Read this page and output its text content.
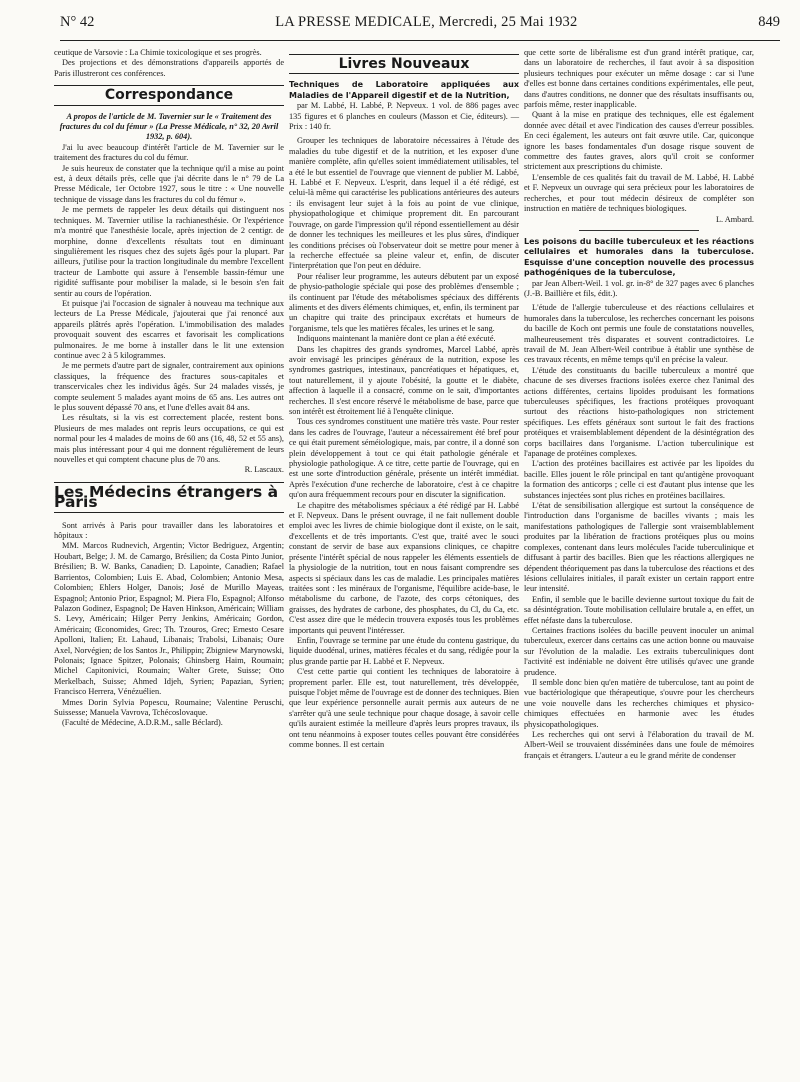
N° 42	LA PRESSE MEDICALE, Mercredi, 25 Mai 1932	849

ceutique de Varsovie : La Chimie toxicologique et ses progrès.

Des projections et des démonstrations d'appareils apportés de Paris illustreront ces conférences.

Correspondance

A propos de l'article de M. Tavernier sur le « Traitement des fractures du col du fémur » (La Presse Médicale, n° 32, 20 Avril 1932, p. 604).

J'ai lu avec beaucoup d'intérêt l'article de M. Tavernier sur le traitement des fractures du col du fémur.

Je suis heureux de constater que la technique qu'il a mise au point est, à deux détails près, celle que j'ai décrite dans le n° 79 de La Presse Médicale, 1er Octobre 1927, sous le titre : « Une nouvelle technique de vissage dans les fractures du col du fémur ».

Je me permets de rappeler les deux détails qui distinguent nos techniques. M. Tavernier utilise la rachianesthésie. Or l'expérience m'a montré que l'anesthésie locale, après injection de 2 centigr. de morphine, donne d'excellents résultats tout en diminuant singulièrement les risques chez des sujets âgés pour la plupart. Par ailleurs, j'utilise pour la traction longitudinale du membre l'excellent tracteur de Lambotte qui assure à l'ensemble bassin-fémur une rigidité suffisante pour mobiliser la malade, si le besoin s'en fait sentir au cours de l'opération.

Et puisque j'ai l'occasion de signaler à nouveau ma technique aux lecteurs de La Presse Médicale, j'ajouterai que j'ai renoncé aux appareils plâtrés après l'opération. L'immobilisation des malades provoquait souvent des escarres et favorisait les complications pulmonaires. Je me borne à installer dans le lit une extension continue avec 2 à 5 kilogrammes.

Je me permets d'autre part de signaler, contrairement aux opinions classiques, la fréquence des fractures sous-capitales et transcervicales chez les individus âgés. Sur 24 malades vissés, je compte seulement 5 malades ayant moins de 65 ans. Les autres ont le plus souvent dépassé 70 ans, et l'une d'elles avait 84 ans.

Les résultats, si la vis est correctement placée, restent bons. Plusieurs de mes malades ont repris leurs occupations, ce qui est normal pour les 4 malades de moins de 60 ans (16, 48, 52 et 55 ans), mais plus intéressant pour 4 qui me donnent régulièrement de leurs nouvelles et qui comptent chacune plus de 70 ans.

R. Lascaux.

Les Médecins étrangers à Paris

Sont arrivés à Paris pour travailler dans les laboratoires et hôpitaux :

MM. Marcos Rudnevich, Argentin; Victor Bedriguez, Argentin; Houbart, Belge; J. M. de Camargo, Brésilien; da Costa Pinto Junior, Brésilien; B. W. Banks, Canadien; D. Lapointe, Canadien; Rafael Barrientos, Colombien; Luis E. Abad, Colombien; Antonio Mesa, Colombien; Ehlers Holger, Danois; José de Murillo Mayeas, Espagnol; Antonio Prior, Espagnol; M. Piera Flo, Espagnol; Alfonso Palazon Godinez, Espagnol; De Haven Hinkson, Américain; William S. Levy, Américain; Hilger Perry Jenkins, Américain; Gordon, Américain; Œconomides, Grec; Th. Tzouros, Grec; Ernesto Cesare Apolloni, Italien; Et. Lahaud, Libanais; Trabolsi, Libanais; Oure Axel, Norvégien; de los Santos Jr., Philippin; Zbigniew Marynowski, Polonais; Ignace Spitzer, Polonais; Ghinsberg Haim, Roumain; Michel Capitonivici, Roumain; Walter Grete, Suisse; Otto Merkelbach, Suisse; Ahmed Idjeh, Syrien; Papazian, Syrien; Francisco Herrera, Vénézuélien.

Mmes Dorin Sylvia Popescu, Roumaine; Valentine Peruschi, Suissesse; Manuela Vavrova, Tchécoslovaque.

(Faculté de Médecine, A.D.R.M., salle Béclard).

Livres Nouveaux

Techniques de Laboratoire appliquées aux Maladies de l'Appareil digestif et de la Nutrition,

par M. Labbé, H. Labbé, P. Nepveux. 1 vol. de 886 pages avec 135 figures et 6 planches en couleurs (Masson et Cie, éditeurs). — Prix : 140 fr.

Grouper les techniques de laboratoire nécessaires à l'étude des maladies du tube digestif et de la nutrition, et les exposer d'une manière complète, afin qu'elles soient immédiatement utilisables, tel a été le but essentiel de l'ouvrage que viennent de publier M. Labbé, H. Labbé et F. Nepveux. L'esprit, dans lequel il a été rédigé, est celui-là même qui caractérise les publications antérieures des auteurs : ils envisagent leur sujet à la fois au point de vue clinique, physiopathologique et chimique proprement dit. En parcourant l'ouvrage, on garde l'impression qu'il répond essentiellement au désir de donner les techniques les meilleures et les plus sûres, d'indiquer les conditions précises où l'observateur doit se mettre pour mener à la recherche effectuée sa pleine valeur et, enfin, de discuter l'interprétation que l'on peut en déduire.

Pour réaliser leur programme, les auteurs débutent par un exposé de physio-pathologie spéciale qui pose des problèmes d'ensemble ; ils continuent par l'étude des métabolismes spéciaux des différents aliments et des divers éléments chimiques, et, enfin, ils terminent par un chapitre qui traite des principaux excrétats et humeurs de l'organisme, tels que les matières fécales, les urines et le sang.

Indiquons maintenant la manière dont ce plan a été exécuté.

Dans les chapitres des grands syndromes, Marcel Labbé, après avoir envisagé les principes généraux de la nutrition, expose les syndromes gastriques, intestinaux, pancréatiques et hépatiques, et, tout naturellement, il y ajoute l'obésité, la goutte et le diabète, affection à laquelle il a consacré, comme on le sait, d'importantes recherches. Il s'est encore réservé le métabolisme de base, parce que son intérêt est étroitement lié à l'enquête clinique.

Tous ces syndromes constituent une matière très vaste. Pour rester dans les cadres de l'ouvrage, l'auteur a nécessairement été bref pour ce qui était purement séméiologique, mais, par contre, il a donné son plein développement à tout ce qui était pathologie générale et physiologie pathologique. A ce titre, cette partie de l'ouvrage, qui en est une sorte d'introduction générale, présente un intérêt immédiat. Après l'exécution d'une recherche de laboratoire, c'est à ce chapitre qu'on aura fréquemment recours pour en discuter la signification.

Le chapitre des métabolismes spéciaux a été rédigé par H. Labbé et F. Nepveux. Dans le présent ouvrage, il ne fait nullement double emploi avec les livres de chimie biologique dont il existe, on le sait, d'excellents et de très importants. C'est que, traité avec le souci constant de servir de base aux expansions cliniques, ce chapitre présente l'intérêt spécial de nous rappeler les éléments essentiels de la physiologie de la nutrition, tout en nous faisant comprendre ses aspects si spéciaux dans les cas de maladie. Les principales matières traitées sont : les minéraux de l'organisme, l'équilibre acide-base, le métabolisme du carbone, de l'azote, des corps cétoniques, des graisses, des hydrates de carbone, des phosphates, du Cl, du Ca, etc. C'est assez dire que le médecin trouvera exposés tous les problèmes importants qui peuvent l'intéresser.

Enfin, l'ouvrage se termine par une étude du contenu gastrique, du liquide duodénal, urines, matières fécales et du sang, rédigée pour la plus grande partie par H. Labbé et F. Nepveux.

C'est cette partie qui contient les techniques de laboratoire à proprement parler. Elle est, tout naturellement, très développée, puisque l'objet même de l'ouvrage est de donner des techniques. Bien que leur expérience personnelle aurait permis aux auteurs de ne s'arrêter qu'à une seule technique pour chaque dosage, à savoir celle qu'ils auraient estimée la meilleure d'après leurs propres travaux, ils ont tenu néanmoins à exposer toutes celles pouvant être considérées comme bonnes. Il est certain

que cette sorte de libéralisme est d'un grand intérêt pratique, car, dans un laboratoire de recherches, il faut avoir à sa disposition plusieurs techniques pour exécuter un même dosage : car si l'une d'elles est bonne dans certaines conditions expérimentales, elle peut, dans d'autres conditions, ne donner que des résultats insuffisants ou, parfois même, rester inapplicable.

Quant à la mise en pratique des techniques, elle est également donnée avec détail et avec l'indication des causes d'erreur possibles. En ceci également, les auteurs ont fait œuvre utile. Car, quiconque ignore les bases fondamentales d'un dosage risque souvent de commettre des fautes graves, alors qu'il croit se conformer strictement aux prescriptions du chimiste.

L'ensemble de ces qualités fait du travail de M. Labbé, H. Labbé et F. Nepveux un ouvrage qui sera précieux pour les laboratoires de recherches, et pour tout médecin désireux de compléter son instruction en matière de techniques biologiques.

L. Ambard.

Les poisons du bacille tuberculeux et les réactions cellulaires et humorales dans la tuberculose. Esquisse d'une conception nouvelle des processus pathogéniques de la tuberculose,

par Jean Albert-Weil. 1 vol. gr. in-8° de 327 pages avec 6 planches (J.-B. Baillière et fils, édit.).

L'étude de l'allergie tuberculeuse et des réactions cellulaires et humorales dans la tuberculose, les recherches concernant les poisons du bacille de Koch ont permis une foule de constatations nouvelles, malheureusement très disparates et souvent contradictoires. Le travail de M. Jean Albert-Weil contribue à établir une synthèse de ces travaux récents, en même temps qu'il en précise la valeur.

L'étude des constituants du bacille tuberculeux a montré que chacune de ses diverses fractions isolées exerce chez l'animal des actions différentes, certains lipoïdes produisant les formations tuberculeuses spécifiques, les fractions protéiques provoquant surtout des réactions histo-pathologiques non strictement spécifiques. Les effets généraux sont surtout le fait des fractions protéiques et vraisemblablement dépendent de la désintégration des corps bacillaires dans l'organisme. L'action tuberculinique est l'apanage de protéines complexes.

L'action des protéines bacillaires est activée par les lipoïdes du bacille. Elles jouent le rôle principal en tant qu'antigène provoquant la formation des anticorps ; celle ci est d'autant plus intense que les substances injectées sont plus riches en protéines bacillaires.

L'état de sensibilisation allergique est surtout la conséquence de l'introduction dans l'organisme de bacilles vivants ; mais les manifestations pathologiques de l'allergie sont vraisemblablement produites par la libération de fractions protéiques plus ou moins complexes, contenant dans leurs molécules l'acide tuberculinique et diffusant à partir des bacilles. Bien que les réactions allergiques ne dépendent théoriquement pas dans la tuberculose des réactions et des lésions cellulaires initiales, il paraît exister un certain rapport entre leur intensité.

Enfin, il semble que le bacille devienne surtout toxique du fait de sa désintégration. Toute mobilisation cellulaire brutale a, en effet, un effet néfaste dans la tuberculose.

Certaines fractions isolées du bacille peuvent inoculer un animal tuberculeux, exercer dans certains cas une action bonne ou mauvaise sur l'évolution de la maladie. Les extraits tuberculiniques dont l'activité est indéniable ne doivent être utilisés qu'avec une grande prudence.

Il semble donc bien qu'en matière de tuberculose, tant au point de vue bactériologique que thérapeutique, s'ouvre pour les chercheurs une voie nouvelle dans les recherches chimiques et physico-chimiques effectuées en harmonie avec les études physicopathologiques.

Les recherches qui ont servi à l'élaboration du travail de M. Albert-Weil se trouvaient disséminées dans une foule de mémoires français et étrangers. L'auteur a eu le grand mérite de condenser
